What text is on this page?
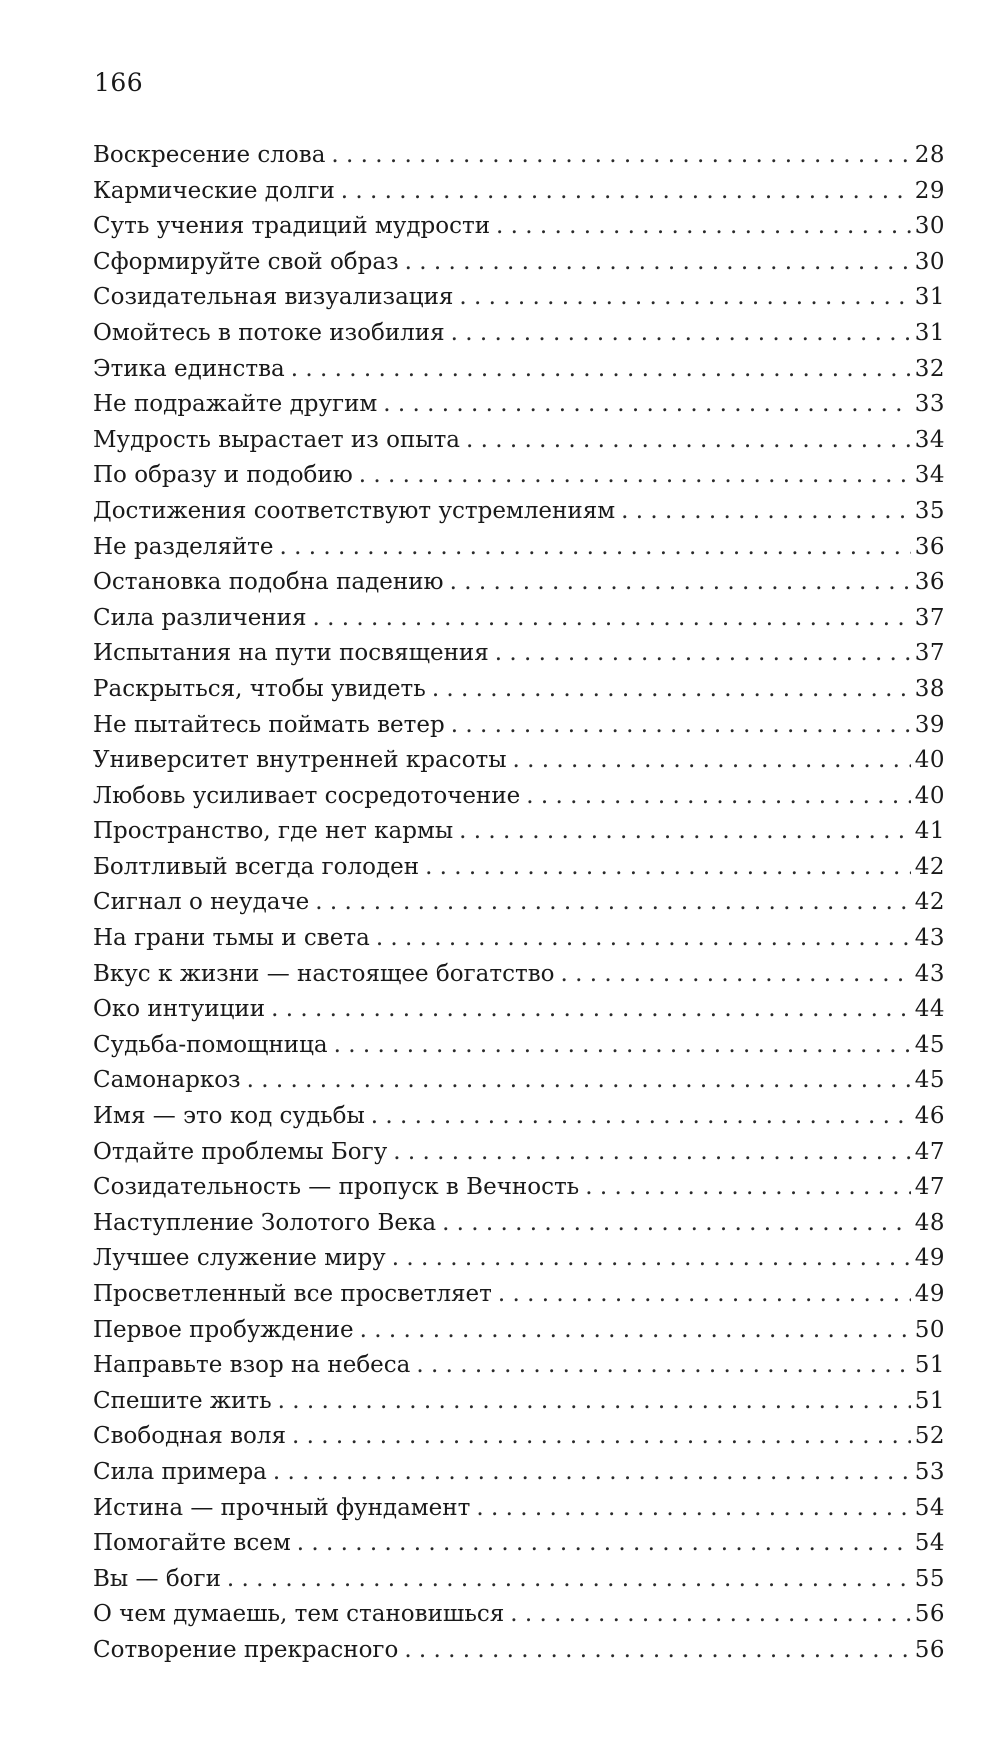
166
Воскресение слова . . .	28
Кармические долги . . .	29
Суть учения традиций мудрости . . .	30
Сформируйте свой образ . . .	30
Созидательная визуализация . . .	31
Омойтесь в потоке изобилия . . .	31
Этика единства . . .	32
Не подражайте другим . . .	33
Мудрость вырастает из опыта . . .	34
По образу и подобию . . .	34
Достижения соответствуют устремлениям . . .	35
Не разделяйте . . .	36
Остановка подобна падению . . .	36
Сила различения . . .	37
Испытания на пути посвящения . . .	37
Раскрыться, чтобы увидеть . . .	38
Не пытайтесь поймать ветер . . .	39
Университет внутренней красоты . . .	40
Любовь усиливает сосредоточение . . .	40
Пространство, где нет кармы . . .	41
Болтливый всегда голоден . . .	42
Сигнал о неудаче . . .	42
На грани тьмы и света . . .	43
Вкус к жизни — настоящее богатство . . .	43
Око интуиции . . .	44
Судьба-помощница . . .	45
Самонаркоз . . .	45
Имя — это код судьбы . . .	46
Отдайте проблемы Богу . . .	47
Созидательность — пропуск в Вечность . . .	47
Наступление Золотого Века . . .	48
Лучшее служение миру . . .	49
Просветленный все просветляет . . .	49
Первое пробуждение . . .	50
Направьте взор на небеса . . .	51
Спешите жить . . .	51
Свободная воля . . .	52
Сила примера . . .	53
Истина — прочный фундамент . . .	54
Помогайте всем . . .	54
Вы — боги . . .	55
О чем думаешь, тем становишься . . .	56
Сотворение прекрасного . . .	56
